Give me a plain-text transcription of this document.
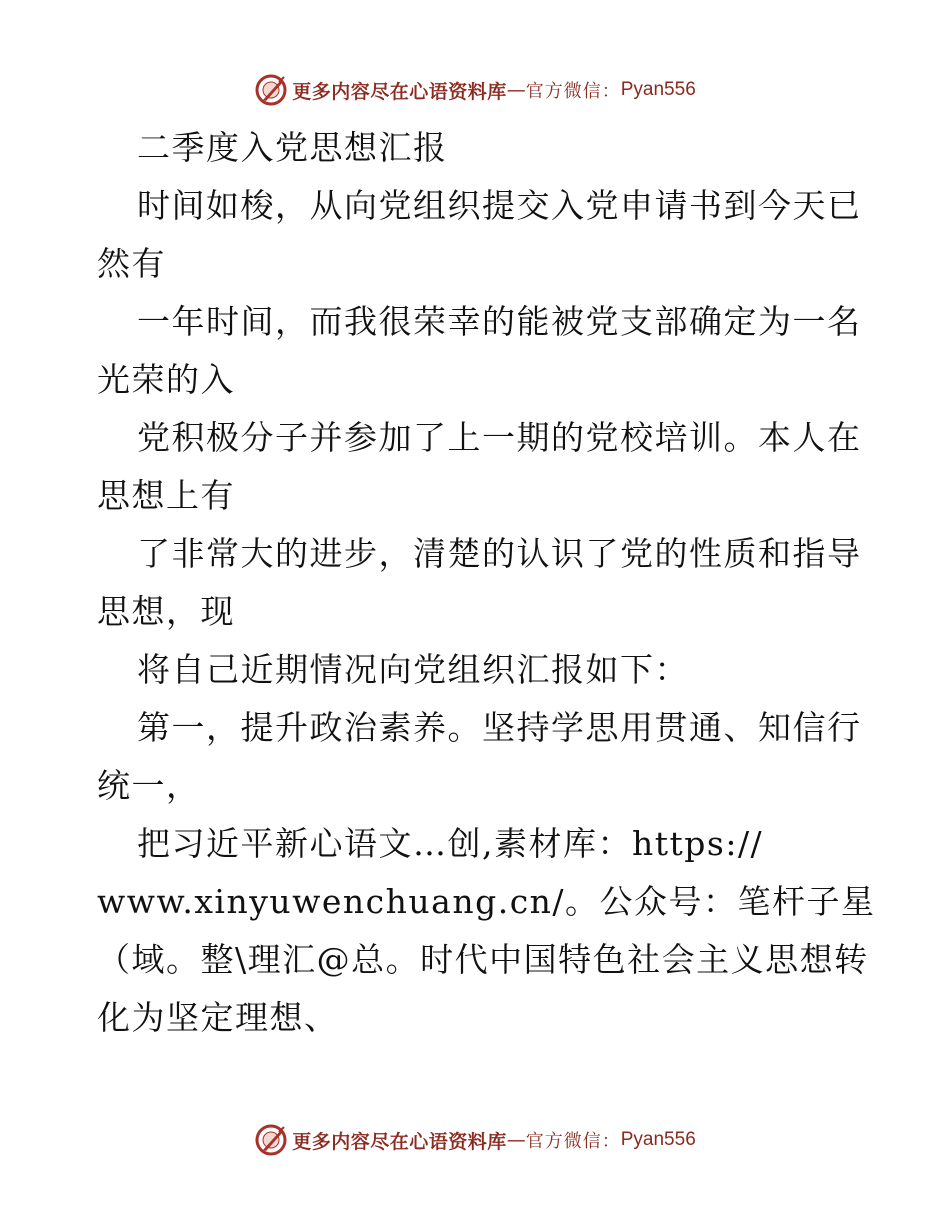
更多内容尽在心语资料库 — 官方微信： Pyan556
二季度入党思想汇报
时间如梭，从向党组织提交入党申请书到今天已
然有
一年时间，而我很荣幸的能被党支部确定为一名
光荣的入
党积极分子并参加了上一期的党校培训。本人在
思想上有
了非常大的进步，清楚的认识了党的性质和指导
思想，现
将自己近期情况向党组织汇报如下：
第一，提升政治素养。坚持学思用贯通、知信行
统一，
把习近平新心语文…创,素材库：https://
www.xinyuwenchuang.cn/。公众号：笔杆子星
（域。整\理汇@总。时代中国特色社会主义思想转
化为坚定理想、
更多内容尽在心语资料库 — 官方微信： Pyan556
